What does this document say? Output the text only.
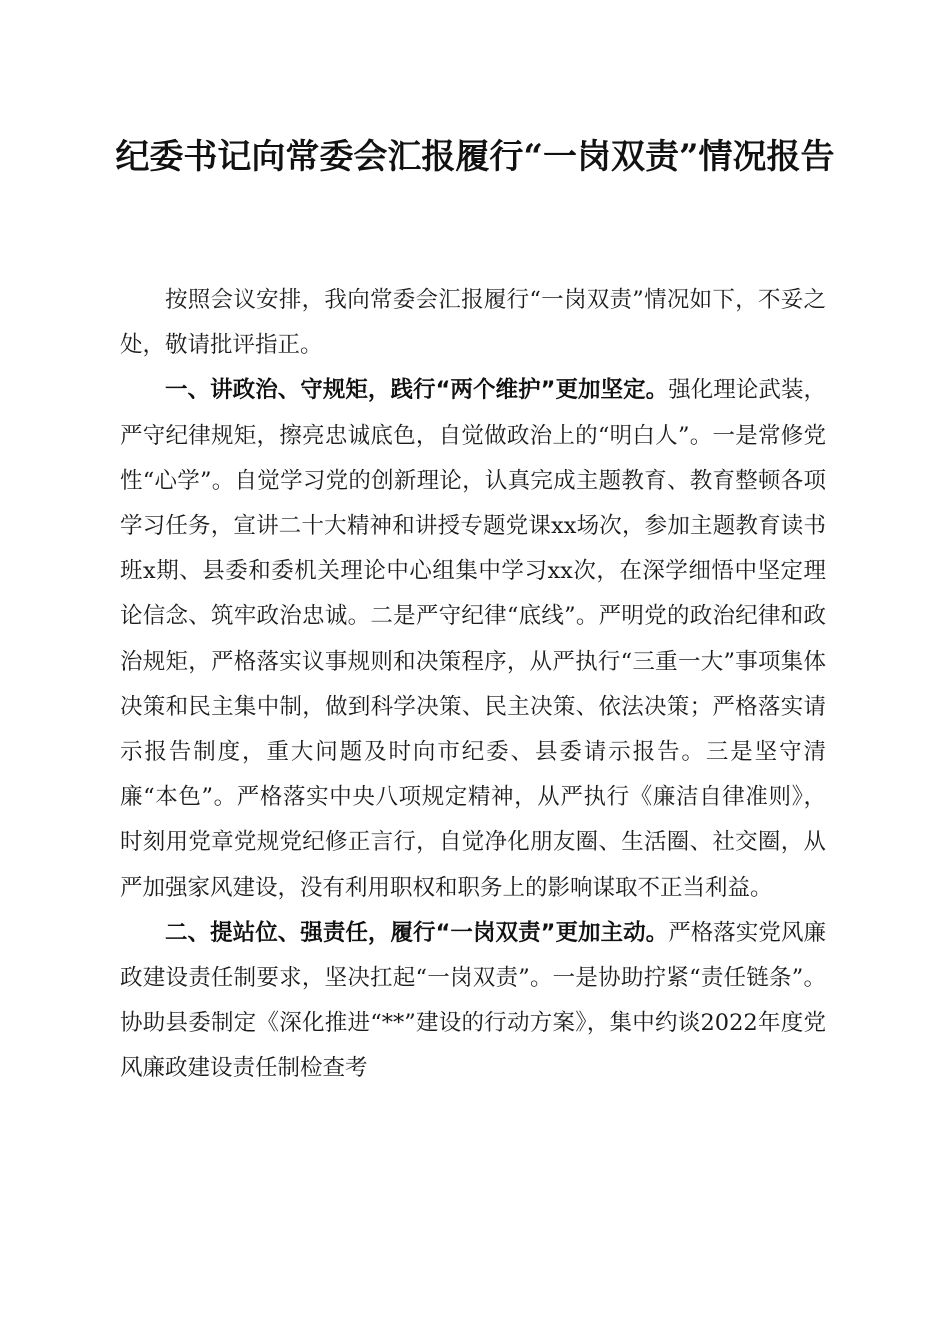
纪委书记向常委会汇报履行“一岗双责”情况报告

按照会议安排，我向常委会汇报履行“一岗双责”情况如下，不妥之处，敬请批评指正。

一、讲政治、守规矩，践行“两个维护”更加坚定。强化理论武装，严守纪律规矩，擦亮忠诚底色，自觉做政治上的“明白人”。一是常修党性“心学”。自觉学习党的创新理论，认真完成主题教育、教育整顿各项学习任务，宣讲二十大精神和讲授专题党课xx场次，参加主题教育读书班x期、县委和委机关理论中心组集中学习xx次，在深学细悟中坚定理论信念、筑牢政治忠诚。二是严守纪律“底线”。严明党的政治纪律和政治规矩，严格落实议事规则和决策程序，从严执行“三重一大”事项集体决策和民主集中制，做到科学决策、民主决策、依法决策；严格落实请示报告制度，重大问题及时向市纪委、县委请示报告。三是坚守清廉“本色”。严格落实中央八项规定精神，从严执行《廉洁自律准则》，时刻用党章党规党纪修正言行，自觉净化朋友圈、生活圈、社交圈，从严加强家风建设，没有利用职权和职务上的影响谋取不正当利益。

二、提站位、强责任，履行“一岗双责”更加主动。严格落实党风廉政建设责任制要求，坚决扛起“一岗双责”。一是协助拧紧“责任链条”。协助县委制定《深化推进“**”建设的行动方案》，集中约谈2022年度党风廉政建设责任制检查考
